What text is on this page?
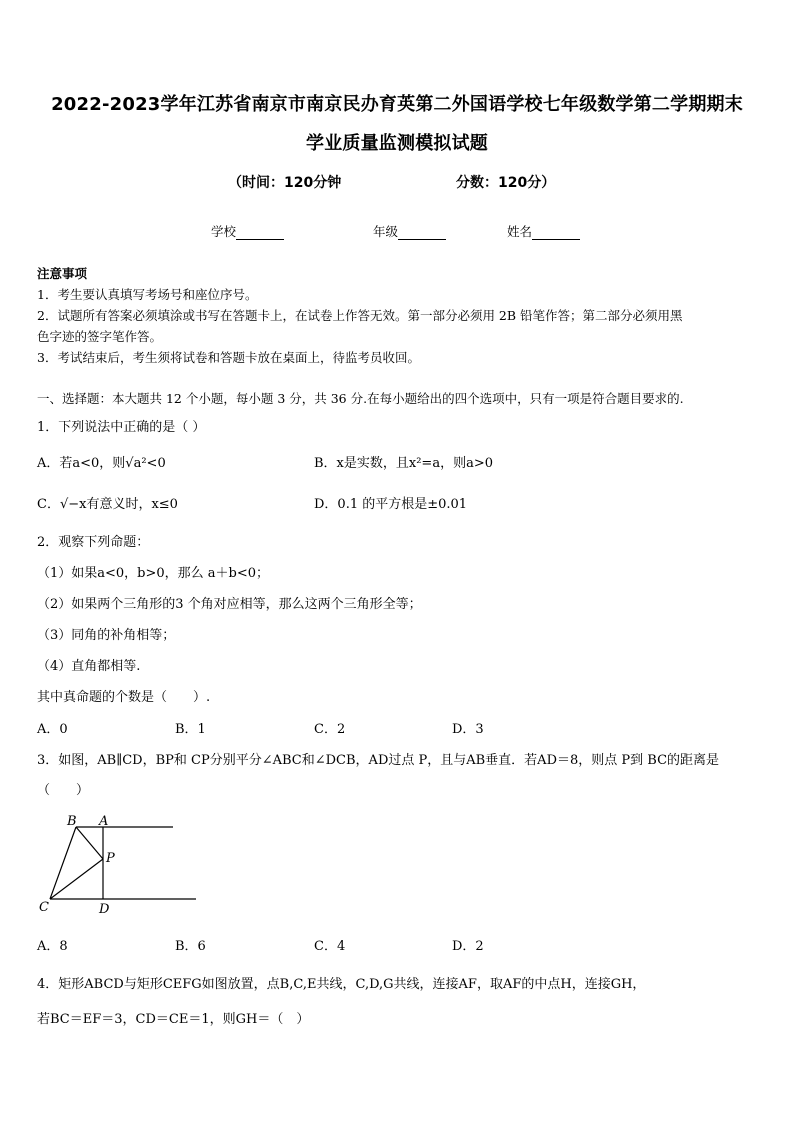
2022-2023学年江苏省南京市南京民办育英第二外国语学校七年级数学第二学期期末
学业质量监测模拟试题
（时间：120分钟	分数：120分）
学校	年级	姓名
注意事项
1．考生要认真填写考场号和座位序号。
2．试题所有答案必须填涂或书写在答题卡上，在试卷上作答无效。第一部分必须用 2B 铅笔作答；第二部分必须用黑
色字迹的签字笔作答。
3．考试结束后，考生须将试卷和答题卡放在桌面上，待监考员收回。
一、选择题：本大题共 12 个小题，每小题 3 分，共 36 分.在每小题给出的四个选项中，只有一项是符合题目要求的.
1．下列说法中正确的是（ ）
A．若a<0，则√a²<0	B．x是实数，且x²=a，则a>0
C．√−x有意义时，x≤0	D．0.1 的平方根是±0.01
2．观察下列命题：
（1）如果a<0，b>0，那么 a＋b<0；
（2）如果两个三角形的3 个角对应相等，那么这两个三角形全等；
（3）同角的补角相等；
（4）直角都相等.
其中真命题的个数是（　　）.
A．0	B．1	C．2	D．3
3．如图，AB∥CD，BP和 CP分别平分∠ABC和∠DCB，AD过点 P，且与AB垂直．若AD＝8，则点 P到 BC的距离是
（　　）
B A
P
C	D
A．8	B．6	C．4	D．2
4．矩形ABCD与矩形CEFG如图放置，点B,C,E共线，C,D,G共线，连接AF，取AF的中点H，连接GH，
若BC＝EF＝3，CD＝CE＝1，则GH＝（　）
